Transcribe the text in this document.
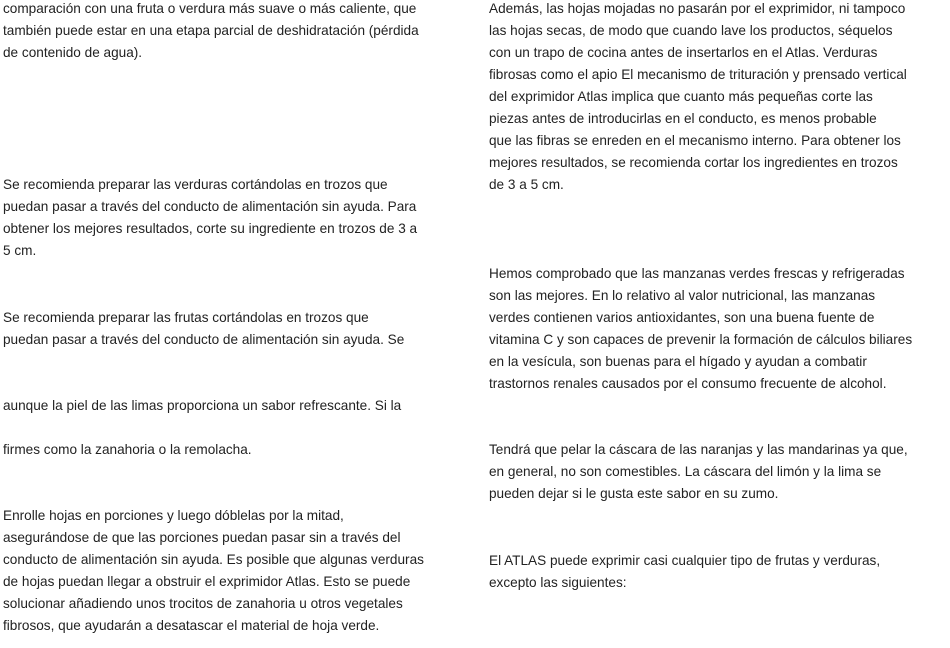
comparación con una fruta o verdura más suave o más caliente, que
también puede estar en una etapa parcial de deshidratación (pérdida
de contenido de agua).
Se recomienda preparar las verduras cortándolas en trozos que
puedan pasar a través del conducto de alimentación sin ayuda. Para
obtener los mejores resultados, corte su ingrediente en trozos de 3 a
5 cm.
Se recomienda preparar las frutas cortándolas en trozos que
puedan pasar a través del conducto de alimentación sin ayuda. Se
aunque la piel de las limas proporciona un sabor refrescante. Si la
firmes como la zanahoria o la remolacha.
Enrolle hojas en porciones y luego dóblelas por la mitad,
asegurándose de que las porciones puedan pasar sin a través del
conducto de alimentación sin ayuda. Es posible que algunas verduras
de hojas puedan llegar a obstruir el exprimidor Atlas. Esto se puede
solucionar añadiendo unos trocitos de zanahoria u otros vegetales
fibrosos, que ayudarán a desatascar el material de hoja verde.
Además, las hojas mojadas no pasarán por el exprimidor, ni tampoco
las hojas secas, de modo que cuando lave los productos, séquelos
con un trapo de cocina antes de insertarlos en el Atlas. Verduras
fibrosas como el apio El mecanismo de trituración y prensado vertical
del exprimidor Atlas implica que cuanto más pequeñas corte las
piezas antes de introducirlas en el conducto, es menos probable
que las fibras se enreden en el mecanismo interno. Para obtener los
mejores resultados, se recomienda cortar los ingredientes en trozos
de 3 a 5 cm.
Hemos comprobado que las manzanas verdes frescas y refrigeradas
son las mejores. En lo relativo al valor nutricional, las manzanas
verdes contienen varios antioxidantes, son una buena fuente de
vitamina C y son capaces de prevenir la formación de cálculos biliares
en la vesícula, son buenas para el hígado y ayudan a combatir
trastornos renales causados por el consumo frecuente de alcohol.
Tendrá que pelar la cáscara de las naranjas y las mandarinas ya que,
en general, no son comestibles. La cáscara del limón y la lima se
pueden dejar si le gusta este sabor en su zumo.
El ATLAS puede exprimir casi cualquier tipo de frutas y verduras,
excepto las siguientes:
